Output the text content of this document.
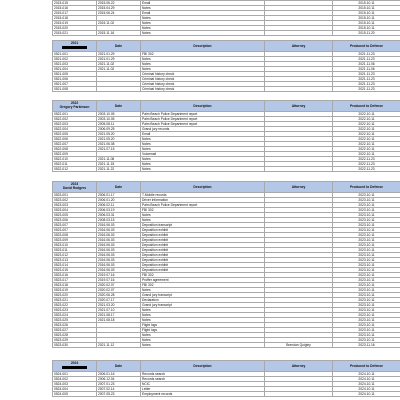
2015-015	2015.06.22	Email		2015.10.11
2015-016	2015.04.29	Notes		2015.10.11
2015-017	2015.06.24	Email		2015.10.11
2015-018		Notes		2015.10.11
2015-019	2015.11.02	Notes		2015.10.11
2015-020		Notes		2015.10.11
2015-021	2015.11.16	Notes		2015.11.20
2021	Date	Description	Attorney	Produced to Defense
0521-001	2021.01.29	FBI 302		2021.11.23
0521-002	2021.01.29	Notes		2021.11.23
0521-003	2021.11.02	Notes		2021.11.06
0521-004	2021.11.02	Notes		2021.11.06
0521-005		Criminal history check		2021.11.23
0521-006		Criminal history check		2021.11.23
0521-007		Criminal history check		2021.11.23
0521-008		Criminal history check		2021.11.23
2022
Gregory Parkinson	Date	Description	Attorney	Produced to Defense
0522-001	2003.10.05	Palm Beach Police Department report		2022.10.11
0522-002	2003.10.05	Palm Beach Police Department report		2022.10.11
0522-003	2005.08.11	Palm Beach Police Department report		2022.10.11
0522-004	2006.09.25	Grand jury records		2022.10.11
0522-005	2021.05.20	Email		2022.10.11
0522-006	2021.05.20	Notes		2022.10.11
0522-007	2021.06.08	Notes		2022.10.11
0522-008	2021.07.15	Notes		2022.10.11
0522-009		Voicemail		2022.10.11
0522-010	2021.11.08	Notes		2022.11.23
0522-011	2021.11.15	Notes		2022.11.23
0522-012	2021.11.22	Notes		2022.11.23
2023
David Rodgers	Date	Description	Attorney	Produced to Defense
0523-001	2006.01.17	T-Mobile records		2023.10.11
0523-002	2006.01.20	Driver information		2023.10.11
0523-003	2006.02.11	Palm Beach Police Department report		2023.10.11
0523-004	2006.03.19	FBI 302		2023.10.11
0523-005	2006.03.31	Notes		2023.10.11
0523-006	2008.03.15	Notes		2023.10.11
0523-007	2016.06.03	Deposition transcript		2023.10.11
0523-007	2016.06.03	Deposition exhibit		2023.10.11
0523-008	2016.06.03	Deposition exhibit		2023.10.11
0523-009	2016.06.03	Deposition exhibit		2023.10.11
0523-010	2016.06.03	Deposition exhibit		2023.10.11
0523-011	2016.06.03	Deposition exhibit		2023.10.11
0523-012	2016.06.03	Deposition exhibit		2023.10.11
0523-013	2016.06.03	Deposition exhibit		2023.10.11
0523-014	2016.06.03	Deposition exhibit		2023.10.11
0523-015	2016.06.03	Deposition exhibit		2023.10.11
0523-016	2019.07.16	FBI 302		2023.10.11
0523-017	2019.07.16	Proffer agreement		2023.10.11
0523-018	2020.02.07	FBI 302		2023.10.11
0523-019	2020.02.07	Notes		2023.10.11
0523-020	2020.06.28	Grand jury transcript		2023.10.11
0523-021	2020.07.17	Declaration		2023.10.11
0523-022	2021.03.20	Grand jury transcript		2023.10.11
0523-023	2021.07.10	Notes		2023.10.11
0523-024	2021.08.17	Notes		2023.10.11
0523-025	2021.08.18	Notes		2023.10.11
0523-026		Flight logs		2023.10.11
0523-027		Flight logs		2023.10.11
0523-028		Notes		2023.10.11
0523-029		Notes		2023.10.11
0523-030	2021.11.12	Notes	Brendan Quigley	2023.11.16
2024	Date	Description	Attorney	Produced to Defense
0524-001	2006.01.16	Records search		2024.10.11
0524-002	2006.12.04	Records search		2024.10.11
0524-003	2007.01.23	NCIC		2024.10.11
0524-004	2007.02.14	Letter		2024.10.11
0524-005	2007.05.23	Employment records		2024.10.11
